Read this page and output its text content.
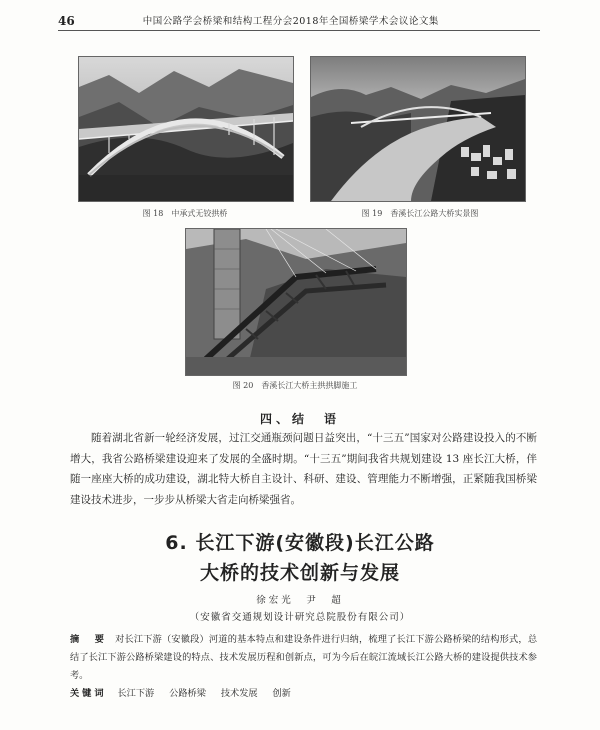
46	中国公路学会桥梁和结构工程分会2018年全国桥梁学术会议论文集
图 18　中承式无铰拱桥	图 19　香溪长江公路大桥实景图
图 20　香溪长江大桥主拱拱脚施工
四、结　语
随着湖北省新一轮经济发展，过江交通瓶颈问题日益突出，“十三五”国家对公路建设投入的不断增大，我省公路桥梁建设迎来了发展的全盛时期。“十三五”期间我省共规划建设 13 座长江大桥，伴随一座座大桥的成功建设，湖北特大桥自主设计、科研、建设、管理能力不断增强，正紧随我国桥梁建设技术进步，一步步从桥梁大省走向桥梁强省。
6. 长江下游(安徽段)长江公路
大桥的技术创新与发展
徐宏光　尹　超
（安徽省交通规划设计研究总院股份有限公司）
摘　要 对长江下游（安徽段）河道的基本特点和建设条件进行归纳，梳理了长江下游公路桥梁的结构形式，总结了长江下游公路桥梁建设的特点、技术发展历程和创新点，可为今后在皖江流域长江公路大桥的建设提供技术参考。
关键词 长江下游 公路桥梁 技术发展 创新
